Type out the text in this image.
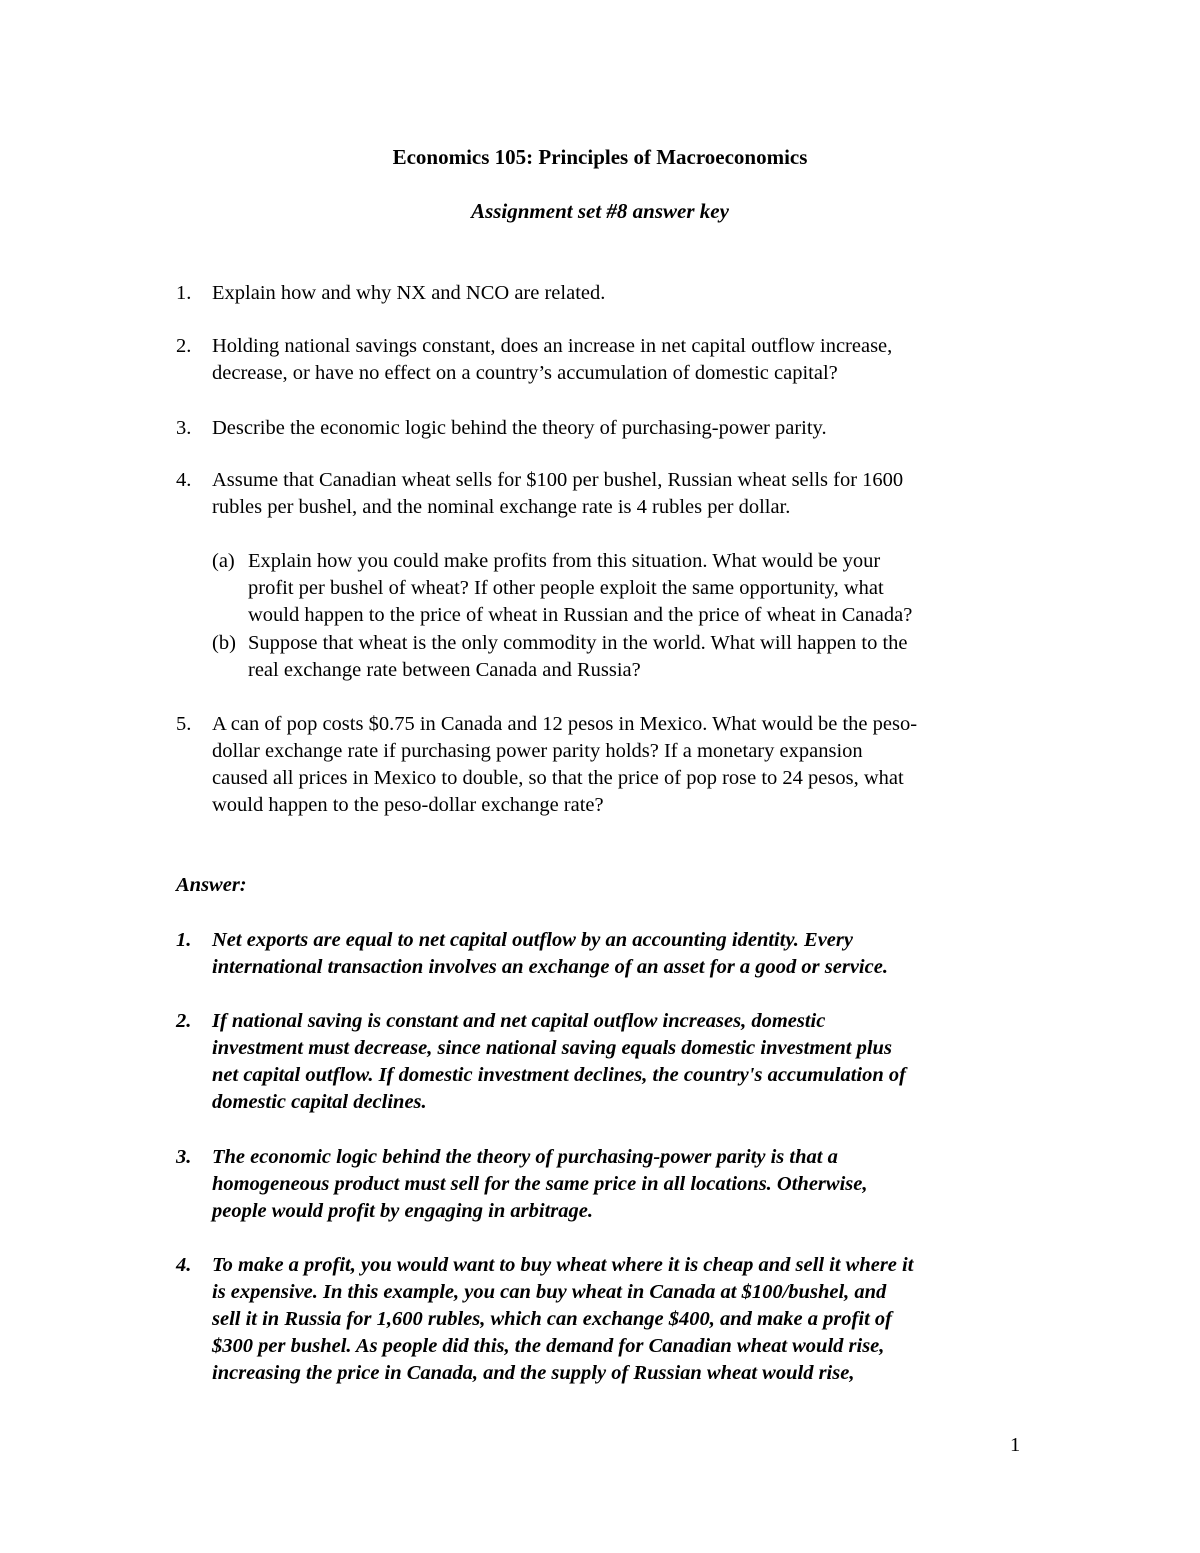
Economics 105: Principles of Macroeconomics
Assignment set #8 answer key
1.	Explain how and why NX and NCO are related.
2.	Holding national savings constant, does an increase in net capital outflow increase,
decrease, or have no effect on a country’s accumulation of domestic capital?
3.	Describe the economic logic behind the theory of purchasing-power parity.
4.	Assume that Canadian wheat sells for $100 per bushel, Russian wheat sells for 1600
rubles per bushel, and the nominal exchange rate is 4 rubles per dollar.
(a) Explain how you could make profits from this situation. What would be your
profit per bushel of wheat? If other people exploit the same opportunity, what
would happen to the price of wheat in Russian and the price of wheat in Canada?
(b) Suppose that wheat is the only commodity in the world. What will happen to the
real exchange rate between Canada and Russia?
5.	A can of pop costs $0.75 in Canada and 12 pesos in Mexico. What would be the peso-
dollar exchange rate if purchasing power parity holds? If a monetary expansion
caused all prices in Mexico to double, so that the price of pop rose to 24 pesos, what
would happen to the peso-dollar exchange rate?
Answer:
1.	Net exports are equal to net capital outflow by an accounting identity. Every
international transaction involves an exchange of an asset for a good or service.
2.	If national saving is constant and net capital outflow increases, domestic
investment must decrease, since national saving equals domestic investment plus
net capital outflow. If domestic investment declines, the country's accumulation of
domestic capital declines.
3.	The economic logic behind the theory of purchasing-power parity is that a
homogeneous product must sell for the same price in all locations. Otherwise,
people would profit by engaging in arbitrage.
4.	To make a profit, you would want to buy wheat where it is cheap and sell it where it
is expensive. In this example, you can buy wheat in Canada at $100/bushel, and
sell it in Russia for 1,600 rubles, which can exchange $400, and make a profit of
$300 per bushel. As people did this, the demand for Canadian wheat would rise,
increasing the price in Canada, and the supply of Russian wheat would rise,
1
